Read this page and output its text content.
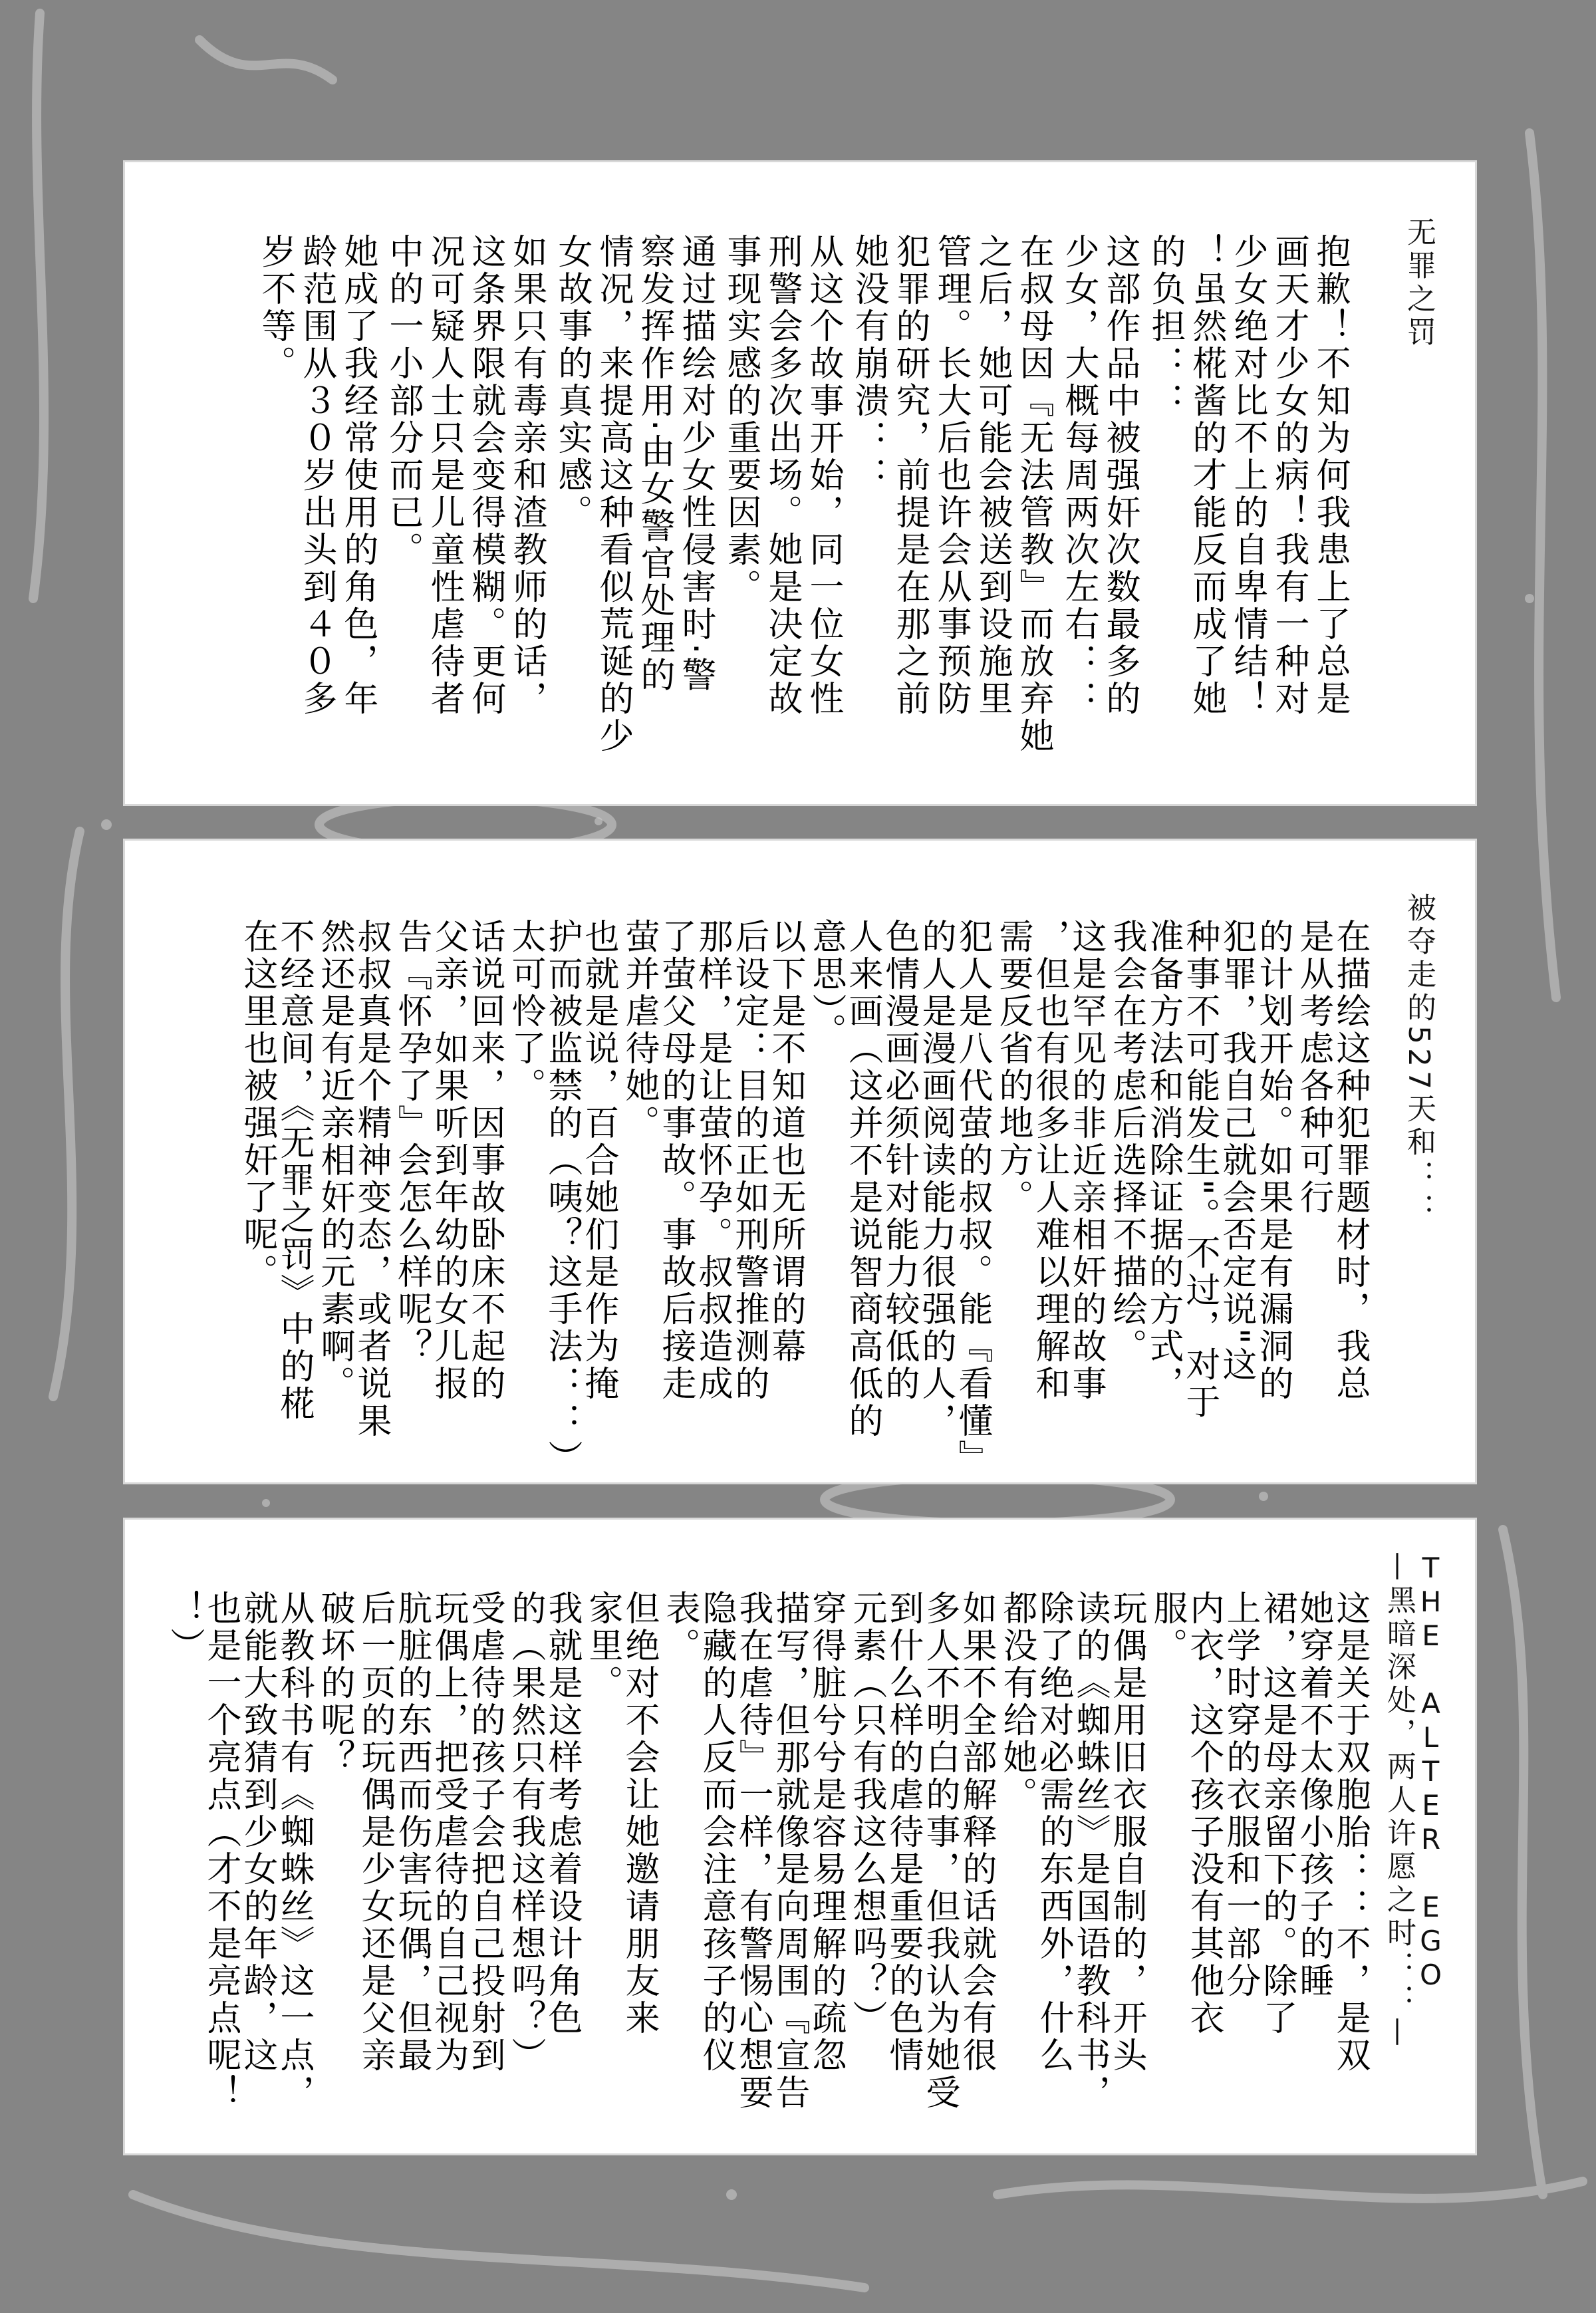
无罪之罚
抱歉！不知为何我患上了总是
画天才少女的病！我有一种对
少女绝对比不上的自卑情结！
！虽然椛酱的才能反而成了她
的负担：：
这部作品中被强奸次数最多的
少女，大概每周两次左右：：
在叔母因『无法管教』而放弃她
之后，她可能会被送到设施里
管理。长大后也许会从事预防
犯罪的研究，前提是在那之前
她没有崩溃：：
从这个故事开始，同一位女性
刑警会多次出场。她是决定故
事现实感的重要因素。
通过描绘对少女性侵害时·警
察发挥作用·由女警官处理的
情况，来提高这种看似荒诞的少
女故事的真实感。
如果只有毒亲和渣教师的话，
这条界限就会变得模糊。更何
况可疑人士只是儿童性虐待者
中的一小部分而已。
她成了我经常使用的角色，年
龄范围从３０岁出头到４０多
岁不等。
被夺走的527天和：：
在描绘这种犯罪题材时，我总
是从考虑各种可行
的计划开始。如果是有漏洞的
犯罪，我自己就会否定说"这
种事不可能发生"。不过，对于
准备方法和消除证据的方式，
我会在考虑后选择不描绘。
这是罕见的非近亲相奸的故事
，但也有很多让人难以理解和
需要反省的地方。
犯人是八代萤的叔叔。能『看懂』
的人是漫画阅读能力很强的人，
色情漫画必须针对能力较低的
人来画（这并不是说智商高低的
意思）。
以下是不知道也无所谓的幕
后设定：目的正如刑警推测的
那样，是让萤怀孕。叔叔造成
了萤父母的事故。事故后接走
萤并虐待她。
也就是说，百合她们是作为掩
护而被监禁的（咦？这手法：：）
太可怜了。
话说回来，因事故卧床不起的
父亲，如果听到年幼的女儿报
告『怀孕了』会怎么样呢？
叔叔真是个精神变态，或者说果
然还是有近亲相奸的元素啊。
不经意间，《无罪之罚》中的椛
在这里也被强奸了呢。
THE ALTER EGO
—黑暗深处，两人许愿之时：：—
这是关于双胞胎：：不，是双
她穿着不太像小孩子的睡
裙，这是母亲留下的。除了
上学时穿的衣服和一部分
内衣，这个孩子没有其他衣
服。
玩偶是用旧衣服自制的，开头
读的《蜘蛛丝》是国语教科书，
除了绝对必需的东西外，什么
都没有给她。
如果不全部解释的话就会有很
多人不明白的事，但我认为她受
到什么样的虐待是重要的色情
元素（只有我这么想吗？）
穿得脏兮兮是容易理解的疏忽
描写，但那就像是向周围『宣告
我在虐待』一样，有警惕心想要
隐藏的人反而会注意孩子的仪
表。
但绝对不会让她邀请朋友来
家里。
我就是这样考虑着设计角色
的（果然只有我这样想吗？）
受虐待的孩子会把自己投射到
玩偶上，把受虐待的自己视为
肮脏的东西而伤害玩偶，但最
后一页的玩偶是少女还是父亲
破坏的呢？
从教科书有《蜘蛛丝》这一点，
就能大致猜到少女的年龄，这
也是一个亮点（才不是亮点呢！
！）
